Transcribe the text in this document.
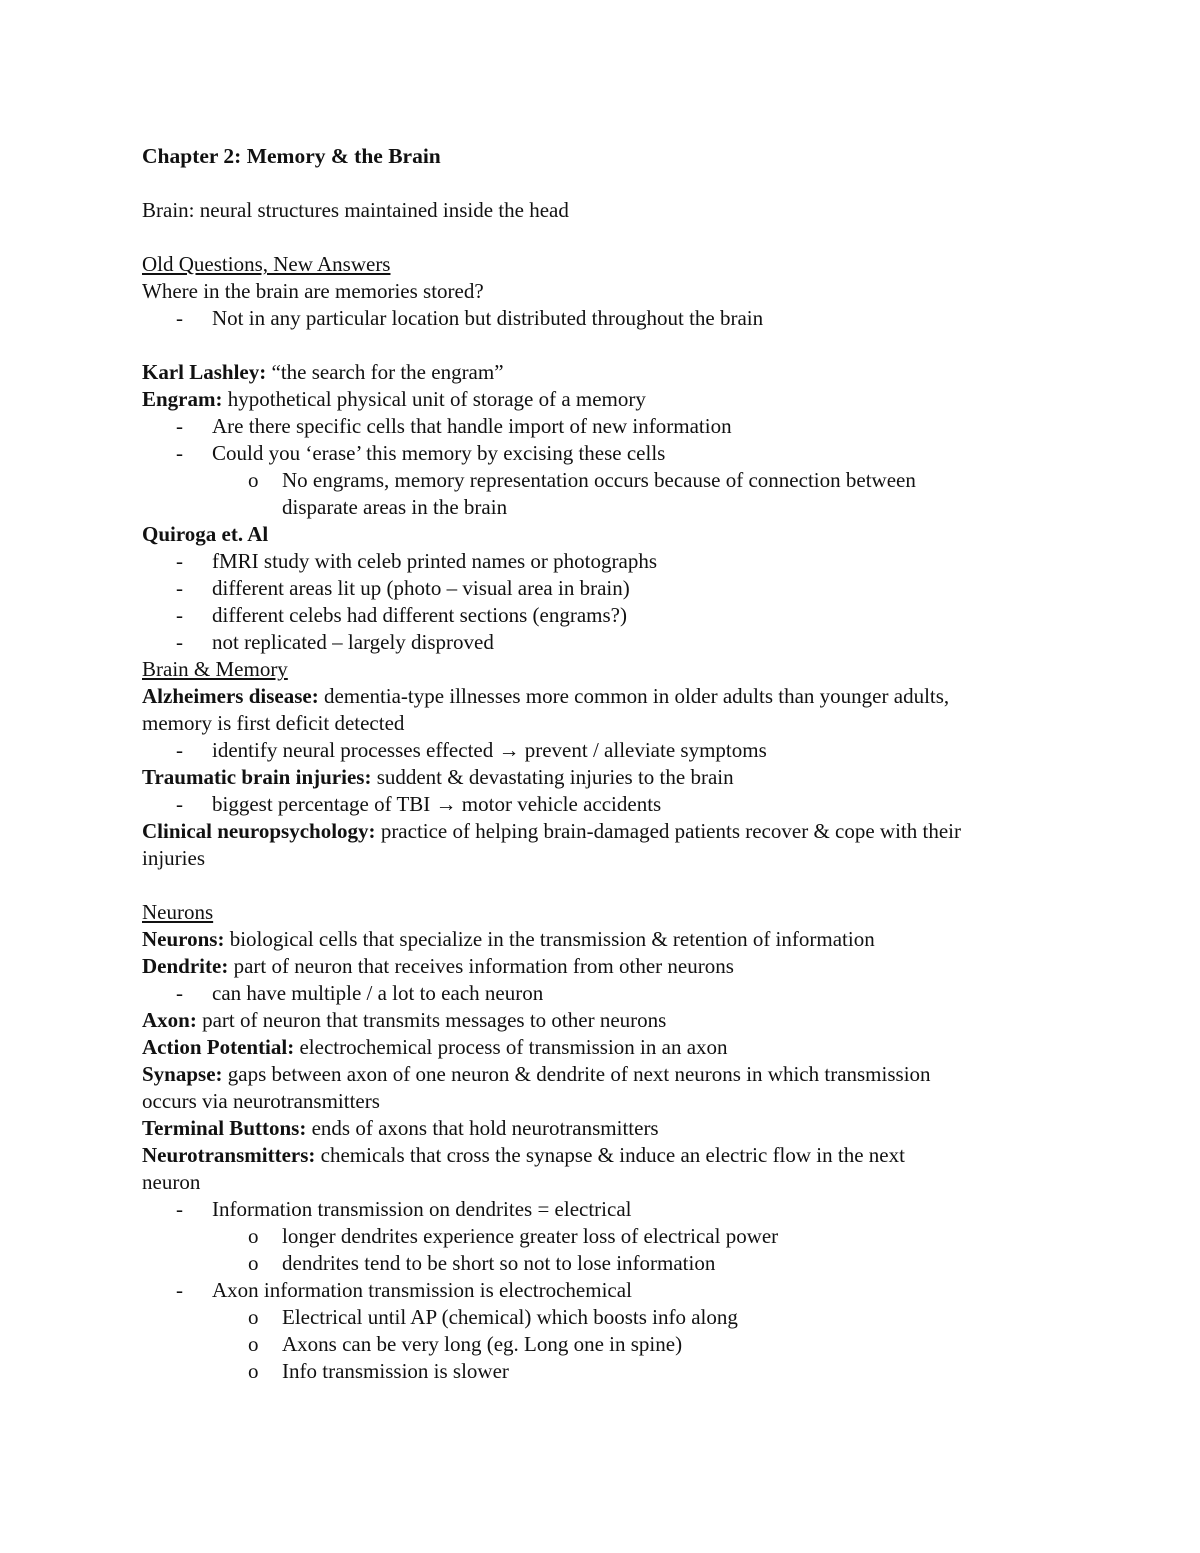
Chapter 2: Memory & the Brain

Brain: neural structures maintained inside the head

Old Questions, New Answers

Where in the brain are memories stored?

- Not in any particular location but distributed throughout the brain

Karl Lashley: “the search for the engram”

Engram: hypothetical physical unit of storage of a memory

- Are there specific cells that handle import of new information

- Could you ‘erase’ this memory by excising these cells

o No engrams, memory representation occurs because of connection between

disparate areas in the brain

Quiroga et. Al

- fMRI study with celeb printed names or photographs

- different areas lit up (photo – visual area in brain)

- different celebs had different sections (engrams?)

- not replicated – largely disproved

Brain & Memory

Alzheimers disease: dementia-type illnesses more common in older adults than younger adults,

memory is first deficit detected

- identify neural processes effected → prevent / alleviate symptoms

Traumatic brain injuries: suddent & devastating injuries to the brain

- biggest percentage of TBI → motor vehicle accidents

Clinical neuropsychology: practice of helping brain-damaged patients recover & cope with their

injuries

Neurons

Neurons: biological cells that specialize in the transmission & retention of information

Dendrite: part of neuron that receives information from other neurons

- can have multiple / a lot to each neuron

Axon: part of neuron that transmits messages to other neurons

Action Potential: electrochemical process of transmission in an axon

Synapse: gaps between axon of one neuron & dendrite of next neurons in which transmission

occurs via neurotransmitters

Terminal Buttons: ends of axons that hold neurotransmitters

Neurotransmitters: chemicals that cross the synapse & induce an electric flow in the next

neuron

- Information transmission on dendrites = electrical

o longer dendrites experience greater loss of electrical power

o dendrites tend to be short so not to lose information

- Axon information transmission is electrochemical

o Electrical until AP (chemical) which boosts info along

o Axons can be very long (eg. Long one in spine)

o Info transmission is slower
